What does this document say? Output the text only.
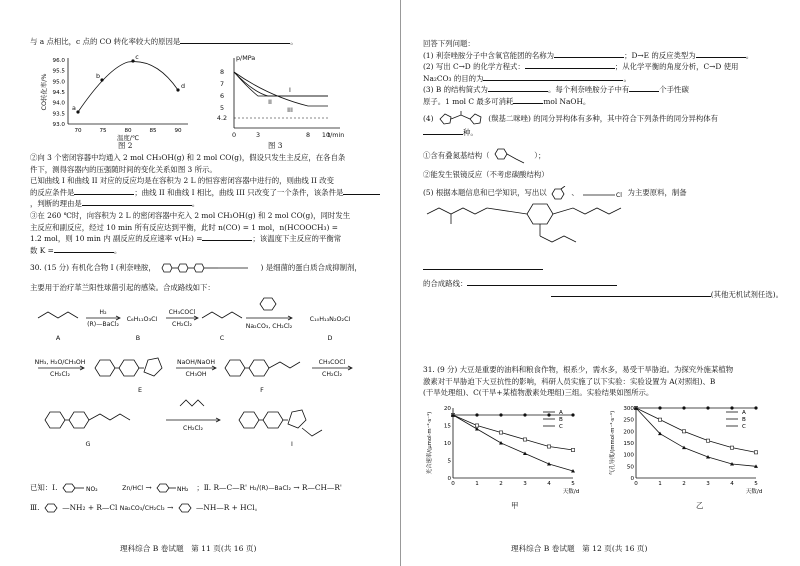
与 a 点相比，c 点的 CO 转化率较大的原因是	。
93.0
93.5
94.0
94.5
95.0
95.5
96.0
70	75	80	85	90
a
b
c
d
CO转化率/%
温度/℃
图 2
p/MPa
8
7
6
5
4.2
I
II
III
0	3	8 10
t/min
图 3
②向 3 个密闭容器中均通入 2 mol CH₃OH(g) 和 2 mol CO(g)，假设只发生主反应，在各自条
件下，测得容器内的压强随时间的变化关系如图 3 所示。
已知曲线 I 和曲线 II 对应的反应均是在容积为 2 L 的恒容密闭容器中进行的，则曲线 II 改变
的反应条件是	；曲线 II 和曲线 I 相比，曲线 III 只改变了一个条件，该条件是
，判断的理由是	。
③在 260 ℃时，向容积为 2 L 的密闭容器中充入 2 mol CH₃OH(g) 和 2 mol CO(g)，同时发生
主反应和副反应，经过 10 min 所有反应达到平衡，此时 n(CO) = 1 mol，n(HCOOCH₃) =
1.2 mol，则 10 min 内 副反应的反应速率 v(H₂) =	；该温度下主反应的平衡常
数 K =	。
30. (15 分) 有机化合物 I (利奈唑胺，	) 是细菌的蛋白质合成抑制剂，
主要用于治疗革兰阳性球菌引起的感染。合成路线如下：
A
H₂
(R)—BaCl₂
C₆H₁₁O₃Cl
B
CH₃COCl
CH₂Cl₂
C
Na₂CO₃, CH₂Cl₂
C₁₀H₁₃N₂O₂Cl
D
NH₃, H₂O/CH₃OH
CH₂Cl₂
E
NaOH/NaOH
CH₃OH
F
CH₃COCl
CH₂Cl₂
G
CH₂Cl₂
I
已知：Ⅰ.	NO₂	Zn/HCl →	NH₂ ；Ⅱ. R—C—R' H₂/(R)—BaCl₂ → R—CH—R'
Ⅲ.	—NH₂ + R—Cl Na₂CO₃/CH₂Cl₂ →	—NH—R + HCl。
理科综合 B 卷试题　第 11 页(共 16 页)
回答下列问题：
(1) 利奈唑胺分子中含氧官能团的名称为	；D→E 的反应类型为	。
(2) 写出 C→D 的化学方程式：	；从化学平衡的角度分析，C→D 使用
Na₂CO₃ 的目的为	。
(3) B 的结构简式为	。每个利奈唑胺分子中有	个手性碳
原子。1 mol C 最多可消耗	mol NaOH。
(4)	(羰基二咪唑) 的同分异构体有多种，其中符合下列条件的同分异构体有
种。
①含有叠氮基结构（	）；
②能发生银镜反应（不考虑碳酸结构）
(5) 根据本题信息和已学知识，写出以	、	Cl 为主要原料，制备
的合成路线：
(其他无机试剂任选)。
31. (9 分) 大豆是重要的油料和粮食作物，根系少，需水多，易受干旱胁迫。为探究外施某植物
激素对干旱胁迫下大豆抗性的影响，科研人员实施了以下实验：实验设置为 A(对照组)、B
(干旱处理组)、C(干旱+某植物激素处理组)三组。实验结果如图所示。
20
15
10
5
0
0	1	2	3	4	5
天数/d
光合速率/(μmol·m⁻²·s⁻¹)	A
B
C
甲
300
250
200
150
100
50
0
0	1	2	3	4	5
天数/d
气孔导度/(mmol·m⁻²·s⁻¹)	A
B
C
乙
理科综合 B 卷试题　第 12 页(共 16 页)
